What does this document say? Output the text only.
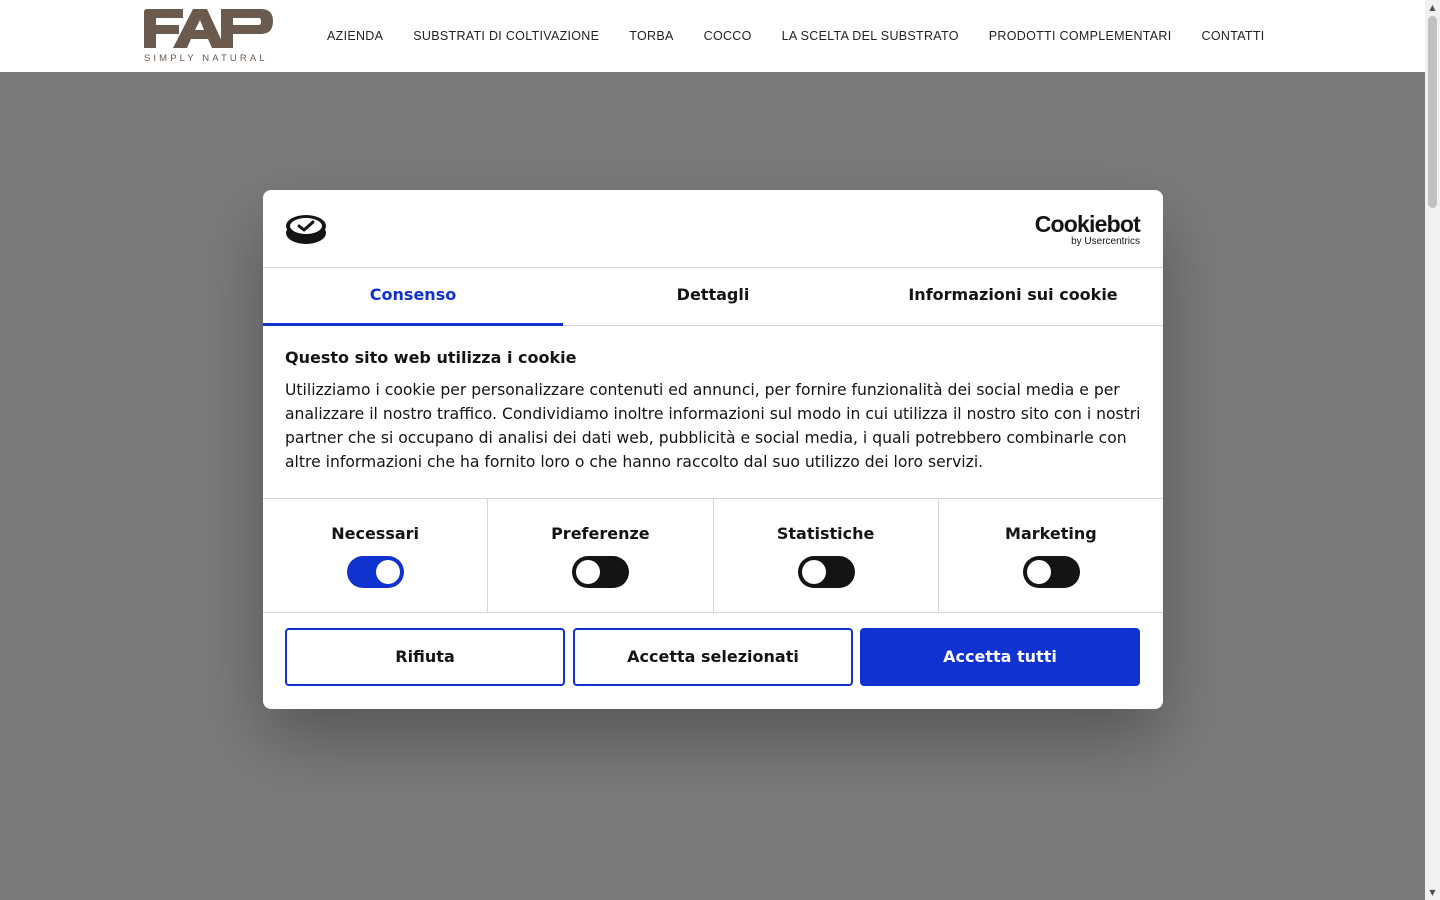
SIMPLY NATURAL
AZIENDA	SUBSTRATI DI COLTIVAZIONE	TORBA	COCCO	LA SCELTA DEL SUBSTRATO	PRODOTTI COMPLEMENTARI	CONTATTI
▲
▼
Cookiebot
by Usercentrics
Consenso	Dettagli	Informazioni sui cookie
Questo sito web utilizza i cookie

Utilizziamo i cookie per personalizzare contenuti ed annunci, per fornire funzionalità dei social media e per analizzare il nostro traffico. Condividiamo inoltre informazioni sul modo in cui utilizza il nostro sito con i nostri partner che si occupano di analisi dei dati web, pubblicità e social media, i quali potrebbero combinarle con altre informazioni che ha fornito loro o che hanno raccolto dal suo utilizzo dei loro servizi.

Necessari	Preferenze	Statistiche	Marketing
Rifiuta	Accetta selezionati	Accetta tutti
